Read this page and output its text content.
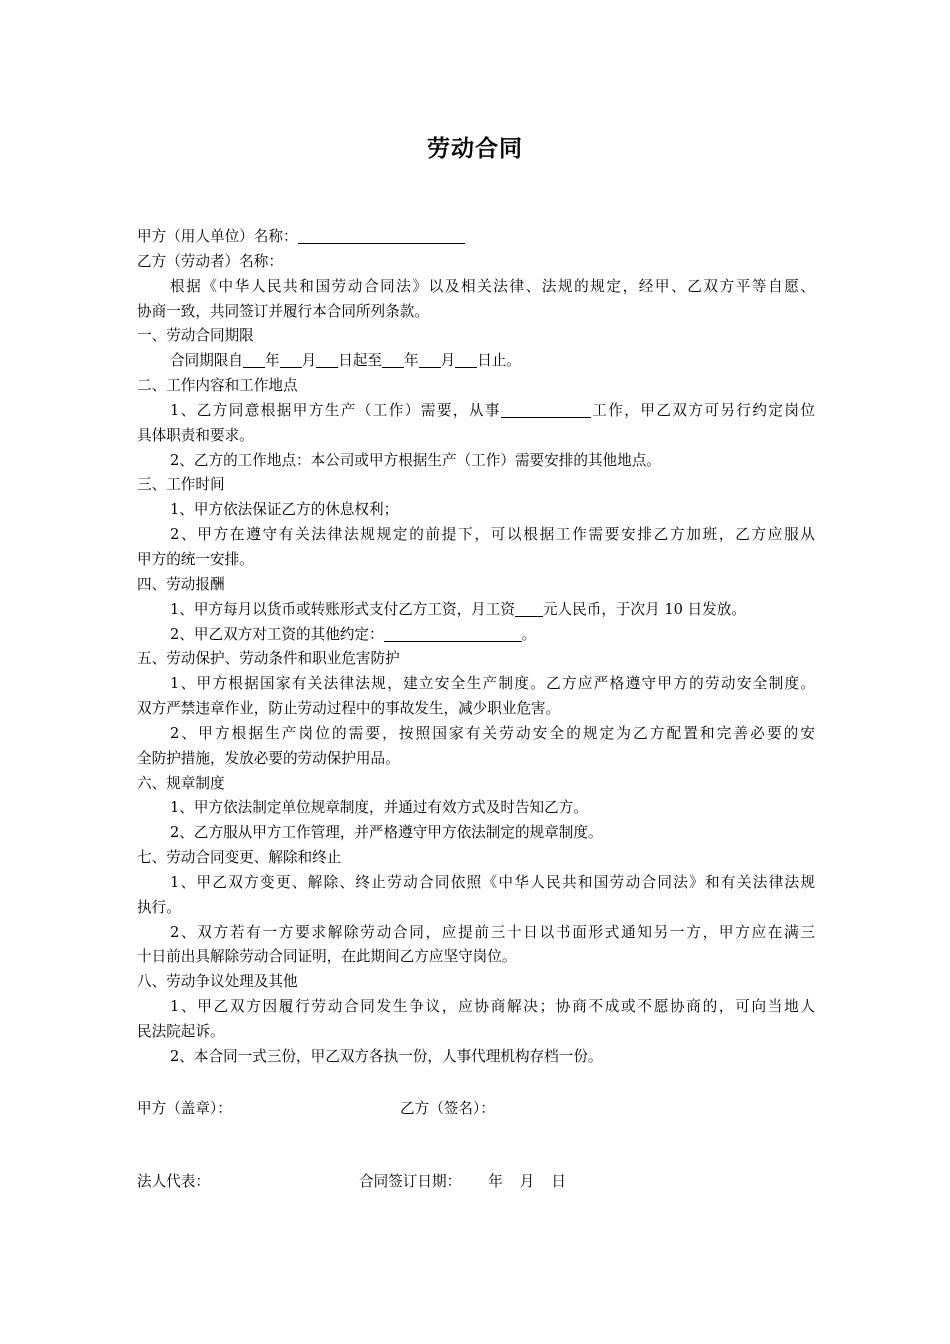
劳动合同
甲方（用人单位）名称：
乙方（劳动者）名称：
根据《中华人民共和国劳动合同法》以及相关法律、法规的规定，经甲、乙双方平等自愿、
协商一致，共同签订并履行本合同所列条款。
一、劳动合同期限
合同期限自 年 月 日起至 年 月 日止。
二、工作内容和工作地点
1、乙方同意根据甲方生产（工作）需要，从事	工作，甲乙双方可另行约定岗位
具体职责和要求。
2、乙方的工作地点：本公司或甲方根据生产（工作）需要安排的其他地点。
三、工作时间
1、甲方依法保证乙方的休息权利；
2、甲方在遵守有关法律法规规定的前提下，可以根据工作需要安排乙方加班，乙方应服从
甲方的统一安排。
四、劳动报酬
1、甲方每月以货币或转账形式支付乙方工资，月工资 元人民币，于次月 10 日发放。
2、甲乙双方对工资的其他约定：	。
五、劳动保护、劳动条件和职业危害防护
1、甲方根据国家有关法律法规，建立安全生产制度。乙方应严格遵守甲方的劳动安全制度。
双方严禁违章作业，防止劳动过程中的事故发生，减少职业危害。
2、甲方根据生产岗位的需要，按照国家有关劳动安全的规定为乙方配置和完善必要的安
全防护措施，发放必要的劳动保护用品。
六、规章制度
1、甲方依法制定单位规章制度，并通过有效方式及时告知乙方。
2、乙方服从甲方工作管理，并严格遵守甲方依法制定的规章制度。
七、劳动合同变更、解除和终止
1、甲乙双方变更、解除、终止劳动合同依照《中华人民共和国劳动合同法》和有关法律法规
执行。
2、双方若有一方要求解除劳动合同，应提前三十日以书面形式通知另一方，甲方应在满三
十日前出具解除劳动合同证明，在此期间乙方应坚守岗位。
八、劳动争议处理及其他
1、甲乙双方因履行劳动合同发生争议，应协商解决；协商不成或不愿协商的，可向当地人
民法院起诉。
2、本合同一式三份，甲乙双方各执一份，人事代理机构存档一份。
甲方（盖章）：	乙方（签名）：
法人代表：	合同签订日期： 年 月 日
